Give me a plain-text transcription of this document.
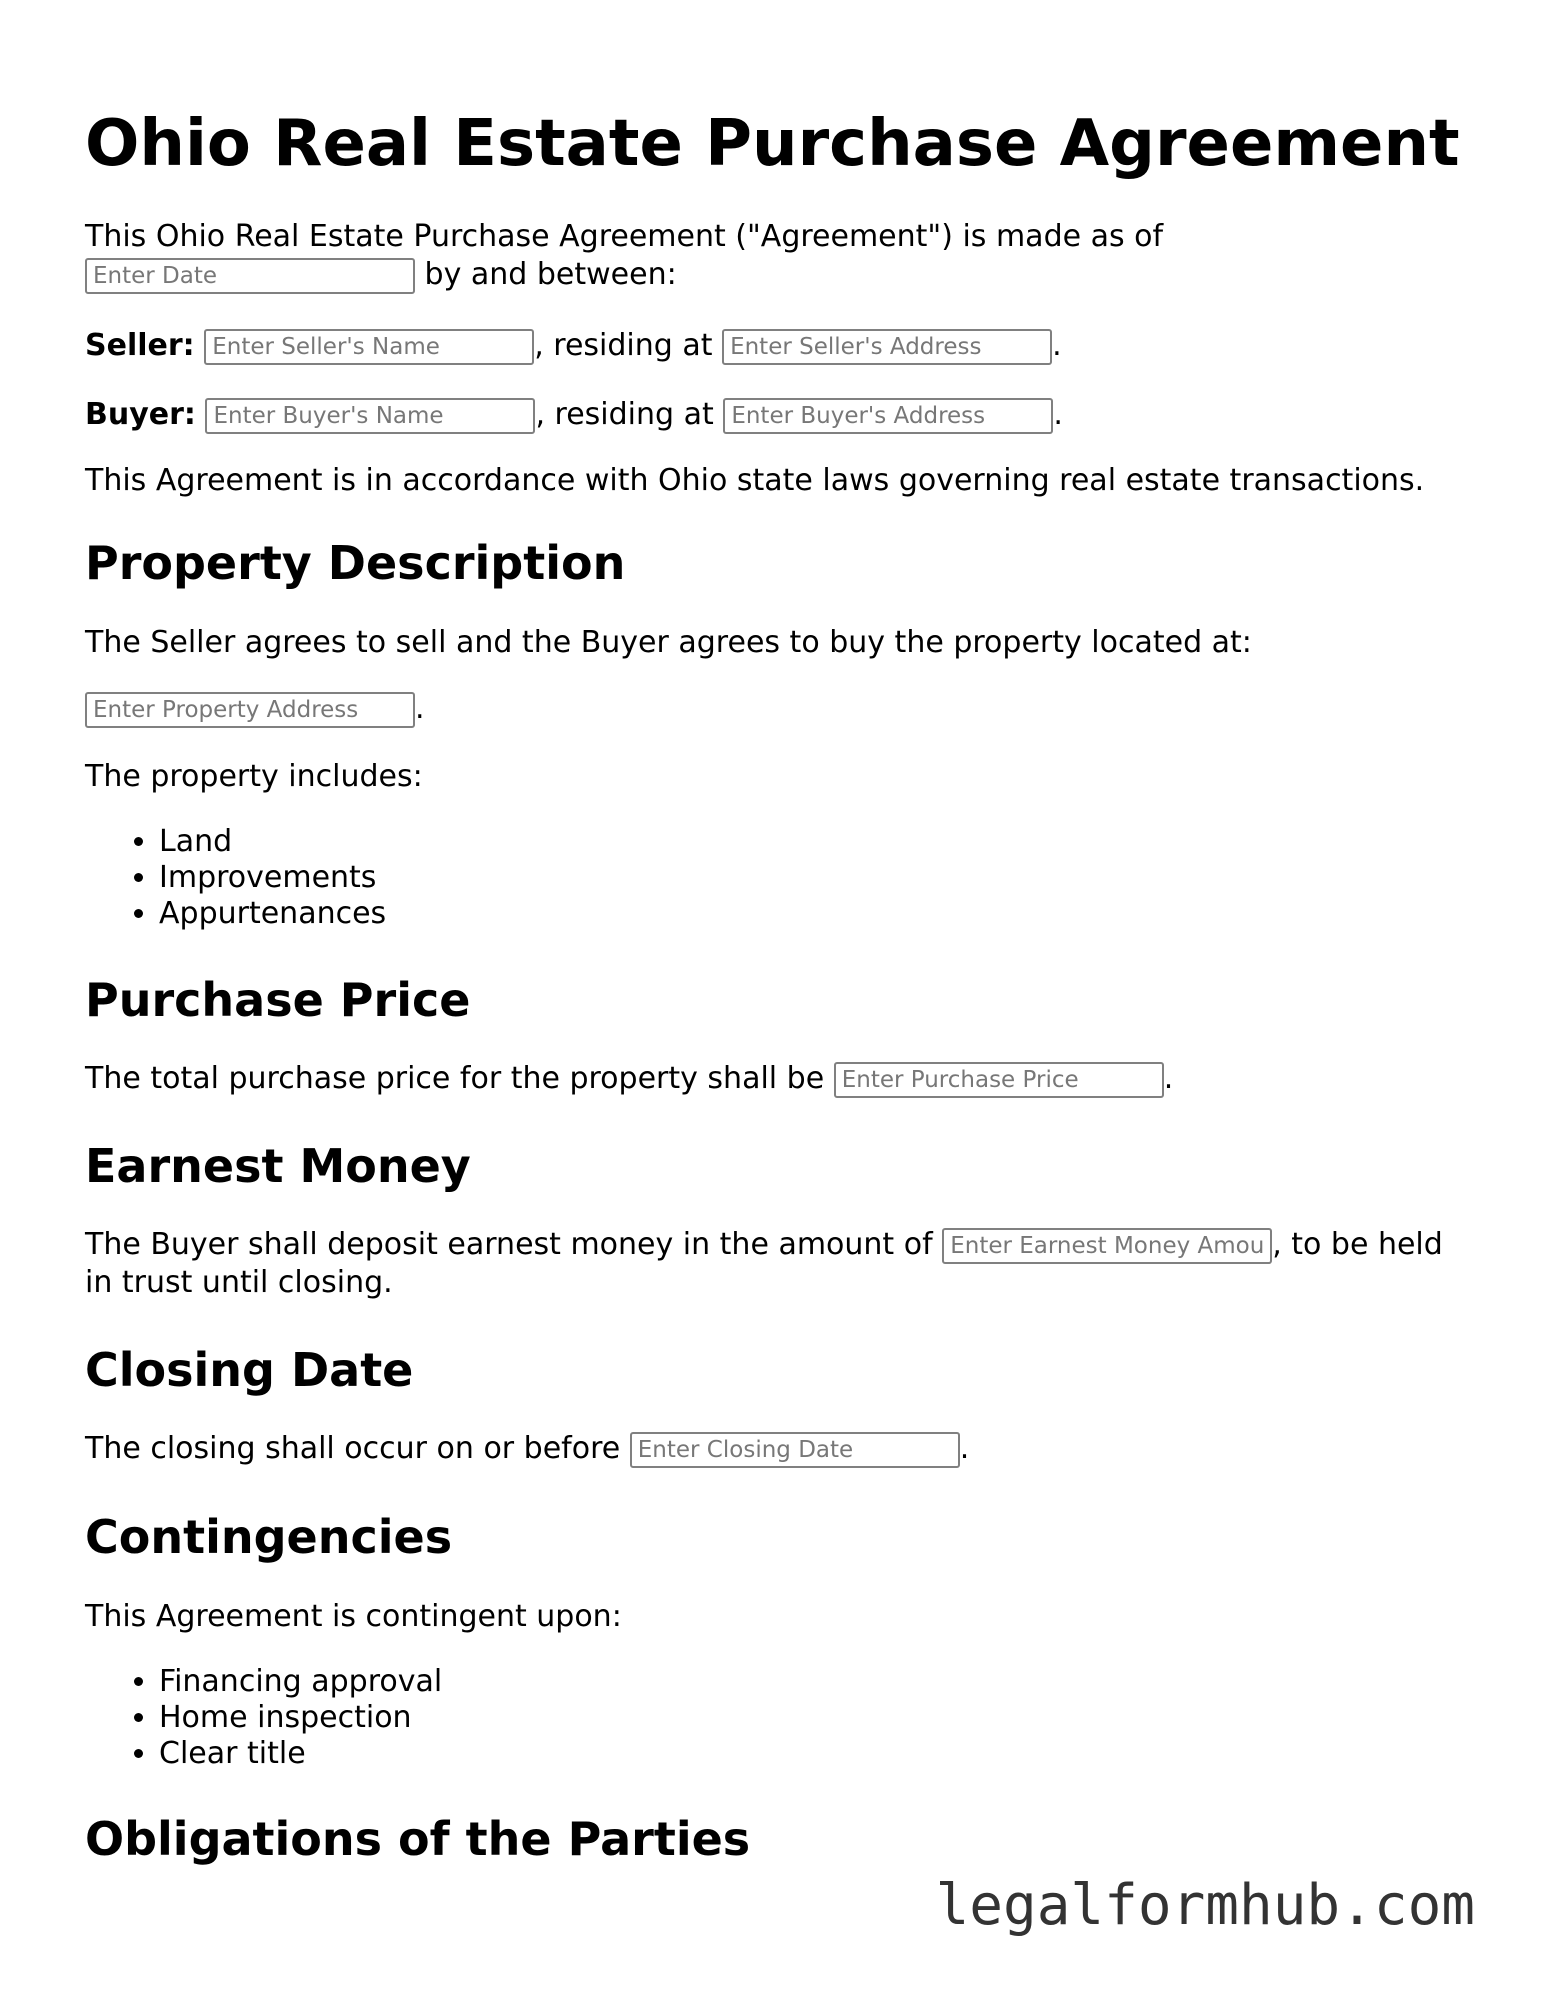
Ohio Real Estate Purchase Agreement

This Ohio Real Estate Purchase Agreement ("Agreement") is made as of
Enter Date by and between:

Seller: Enter Seller's Name	, residing at Enter Seller's Address	.

Buyer: Enter Buyer's Name	, residing at Enter Buyer's Address	.

This Agreement is in accordance with Ohio state laws governing real estate transactions.

Property Description

The Seller agrees to sell and the Buyer agrees to buy the property located at:

Enter Property Address.

The property includes:

• Land
• Improvements
• Appurtenances
Purchase Price

The total purchase price for the property shall be Enter Purchase Price	.

Earnest Money

The Buyer shall deposit earnest money in the amount of Enter Earnest Money Amount	, to be held in trust until closing.

Closing Date

The closing shall occur on or before Enter Closing Date	.

Contingencies

This Agreement is contingent upon:

• Financing approval
• Home inspection
• Clear title
Obligations of the Parties
legalformhub.com
